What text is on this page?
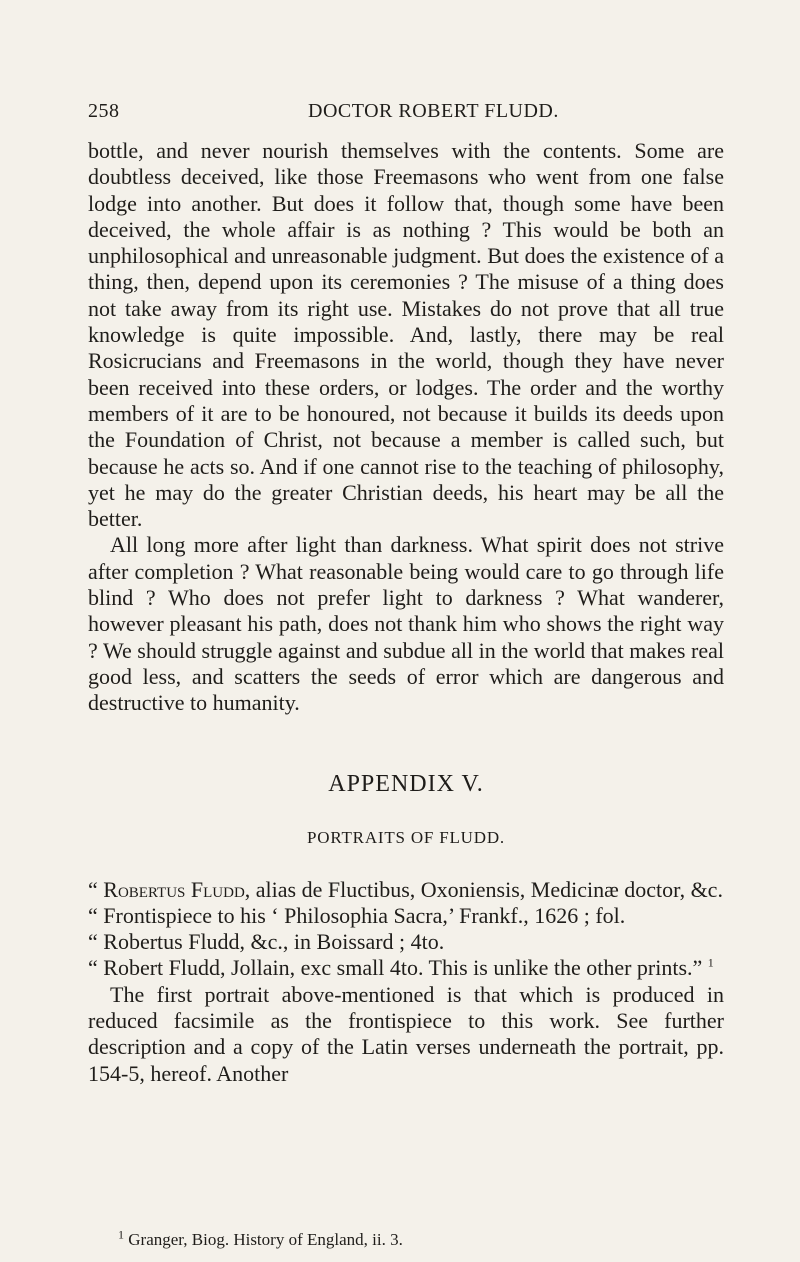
258	DOCTOR ROBERT FLUDD.

bottle, and never nourish themselves with the contents. Some are doubtless deceived, like those Freemasons who went from one false lodge into another. But does it follow that, though some have been deceived, the whole affair is as nothing ? This would be both an unphilosophical and unreasonable judgment. But does the existence of a thing, then, depend upon its ceremonies ? The misuse of a thing does not take away from its right use. Mistakes do not prove that all true knowledge is quite impossible. And, lastly, there may be real Rosicrucians and Freemasons in the world, though they have never been received into these orders, or lodges. The order and the worthy members of it are to be honoured, not because it builds its deeds upon the Foundation of Christ, not because a member is called such, but because he acts so. And if one cannot rise to the teaching of philosophy, yet he may do the greater Christian deeds, his heart may be all the better.

All long more after light than darkness. What spirit does not strive after completion ? What reasonable being would care to go through life blind ? Who does not prefer light to darkness ? What wanderer, however pleasant his path, does not thank him who shows the right way ? We should struggle against and subdue all in the world that makes real good less, and scatters the seeds of error which are dangerous and destructive to humanity.

APPENDIX V.
PORTRAITS OF FLUDD.

“ Robertus Fludd, alias de Fluctibus, Oxoniensis, Medicinæ doctor, &c.

“ Frontispiece to his ‘ Philosophia Sacra,’ Frankf., 1626 ; fol.

“ Robertus Fludd, &c., in Boissard ; 4to.

“ Robert Fludd, Jollain, exc small 4to. This is unlike the other prints.” $^1$

The first portrait above-mentioned is that which is produced in reduced facsimile as the frontispiece to this work. See further description and a copy of the Latin verses underneath the portrait, pp. 154-5, hereof. Another

$^1$ Granger, Biog. History of England, ii. 3.
